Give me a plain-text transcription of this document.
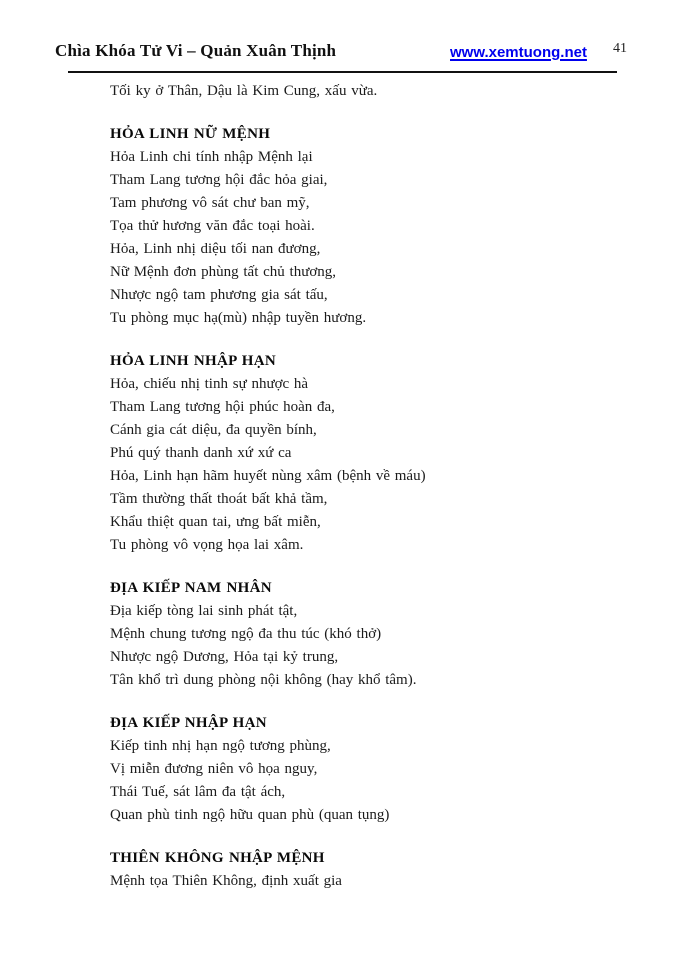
Chìa Khóa Tử Vi – Quản Xuân Thịnh	www.xemtuong.net 41

Tối ky ở Thân, Dậu là Kim Cung, xấu vừa.

HỎA LINH NỮ MỆNH

Hỏa Linh chi tính nhập Mệnh lại

Tham Lang tương hội đắc hỏa giai,

Tam phương vô sát chư ban mỹ,

Tọa thử hương văn đắc toại hoài.

Hỏa, Linh nhị diệu tối nan đương,

Nữ Mệnh đơn phùng tất chủ thương,

Nhược ngộ tam phương gia sát tấu,

Tu phòng mục hạ(mù) nhập tuyền hương.

HỎA LINH NHẬP HẠN

Hỏa, chiếu nhị tinh sự nhược hà

Tham Lang tương hội phúc hoàn đa,

Cánh gia cát diệu, đa quyền bính,

Phú quý thanh danh xứ xứ ca

Hỏa, Linh hạn hãm huyết nùng xâm (bệnh về máu)

Tầm thường thất thoát bất khả tầm,

Khẩu thiệt quan tai, ưng bất miễn,

Tu phòng vô vọng họa lai xâm.

ĐỊA KIẾP NAM NHÂN

Địa kiếp tòng lai sinh phát tật,

Mệnh chung tương ngộ đa thu túc (khó thở)

Nhược ngộ Dương, Hỏa tại kỷ trung,

Tân khổ trì dung phòng nội không (hay khổ tâm).

ĐỊA KIẾP NHẬP HẠN

Kiếp tinh nhị hạn ngộ tương phùng,

Vị miễn đương niên vô họa nguy,

Thái Tuế, sát lâm đa tật ách,

Quan phù tinh ngộ hữu quan phù (quan tụng)

THIÊN KHÔNG NHẬP MỆNH

Mệnh tọa Thiên Không, định xuất gia
